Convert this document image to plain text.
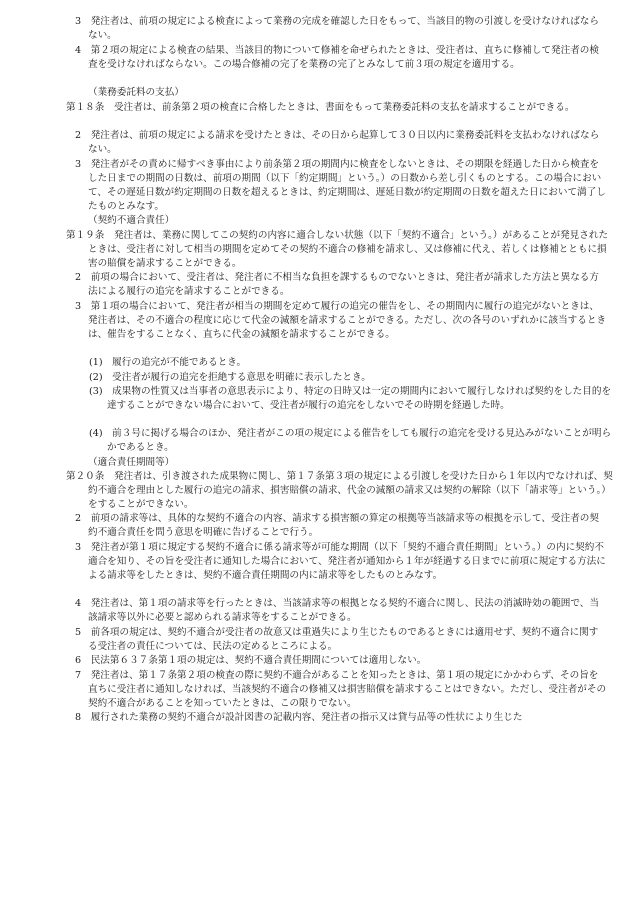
3　発注者は、前項の規定による検査によって業務の完成を確認した日をもって、当該目的物の引渡しを受けなければならない。

4　第２項の規定による検査の結果、当該目的物について修補を命ぜられたときは、受注者は、直ちに修補して発注者の検査を受けなければならない。この場合修補の完了を業務の完了とみなして前３項の規定を適用する。

（業務委託料の支払）

第１８条　受注者は、前条第２項の検査に合格したときは、書面をもって業務委託料の支払を請求することができる。

2　発注者は、前項の規定による請求を受けたときは、その日から起算して３０日以内に業務委託料を支払わなければならない。

3　発注者がその責めに帰すべき事由により前条第２項の期間内に検査をしないときは、その期限を経過した日から検査をした日までの期間の日数は、前項の期間（以下「約定期間」という。）の日数から差し引くものとする。この場合において、その遅延日数が約定期間の日数を超えるときは、約定期間は、遅延日数が約定期間の日数を超えた日において満了したものとみなす。

（契約不適合責任）

第１９条　発注者は、業務に関してこの契約の内容に適合しない状態（以下「契約不適合」という。）があることが発見されたときは、受注者に対して相当の期間を定めてその契約不適合の修補を請求し、又は修補に代え、若しくは修補とともに損害の賠償を請求することができる。

2　前項の場合において、受注者は、発注者に不相当な負担を課するものでないときは、発注者が請求した方法と異なる方法による履行の追完を請求することができる。

3　第１項の場合において、発注者が相当の期間を定めて履行の追完の催告をし、その期間内に履行の追完がないときは、発注者は、その不適合の程度に応じて代金の減額を請求することができる。ただし、次の各号のいずれかに該当するときは、催告をすることなく、直ちに代金の減額を請求することができる。

(1)　履行の追完が不能であるとき。

(2)　受注者が履行の追完を拒絶する意思を明確に表示したとき。

(3)　成果物の性質又は当事者の意思表示により、特定の日時又は一定の期間内において履行しなければ契約をした目的を達することができない場合において、受注者が履行の追完をしないでその時期を経過した時。

(4)　前３号に掲げる場合のほか、発注者がこの項の規定による催告をしても履行の追完を受ける見込みがないことが明らかであるとき。

（適合責任期間等）

第２０条　発注者は、引き渡された成果物に関し、第１７条第３項の規定による引渡しを受けた日から１年以内でなければ、契約不適合を理由とした履行の追完の請求、損害賠償の請求、代金の減額の請求又は契約の解除（以下「請求等」という。）をすることができない。

2　前項の請求等は、具体的な契約不適合の内容、請求する損害額の算定の根拠等当該請求等の根拠を示して、受注者の契約不適合責任を問う意思を明確に告げることで行う。

3　発注者が第１項に規定する契約不適合に係る請求等が可能な期間（以下「契約不適合責任期間」という。）の内に契約不適合を知り、その旨を受注者に通知した場合において、発注者が通知から１年が経過する日までに前項に規定する方法による請求等をしたときは、契約不適合責任期間の内に請求等をしたものとみなす。

4　発注者は、第１項の請求等を行ったときは、当該請求等の根拠となる契約不適合に関し、民法の消滅時効の範囲で、当該請求等以外に必要と認められる請求等をすることができる。

5　前各項の規定は、契約不適合が受注者の故意又は重過失により生じたものであるときには適用せず、契約不適合に関する受注者の責任については、民法の定めるところによる。

6　民法第６３７条第１項の規定は、契約不適合責任期間については適用しない。

7　発注者は、第１７条第２項の検査の際に契約不適合があることを知ったときは、第１項の規定にかかわらず、その旨を直ちに受注者に通知しなければ、当該契約不適合の修補又は損害賠償を請求することはできない。ただし、受注者がその契約不適合があることを知っていたときは、この限りでない。

8　履行された業務の契約不適合が設計図書の記載内容、発注者の指示又は貸与品等の性状により生じた
